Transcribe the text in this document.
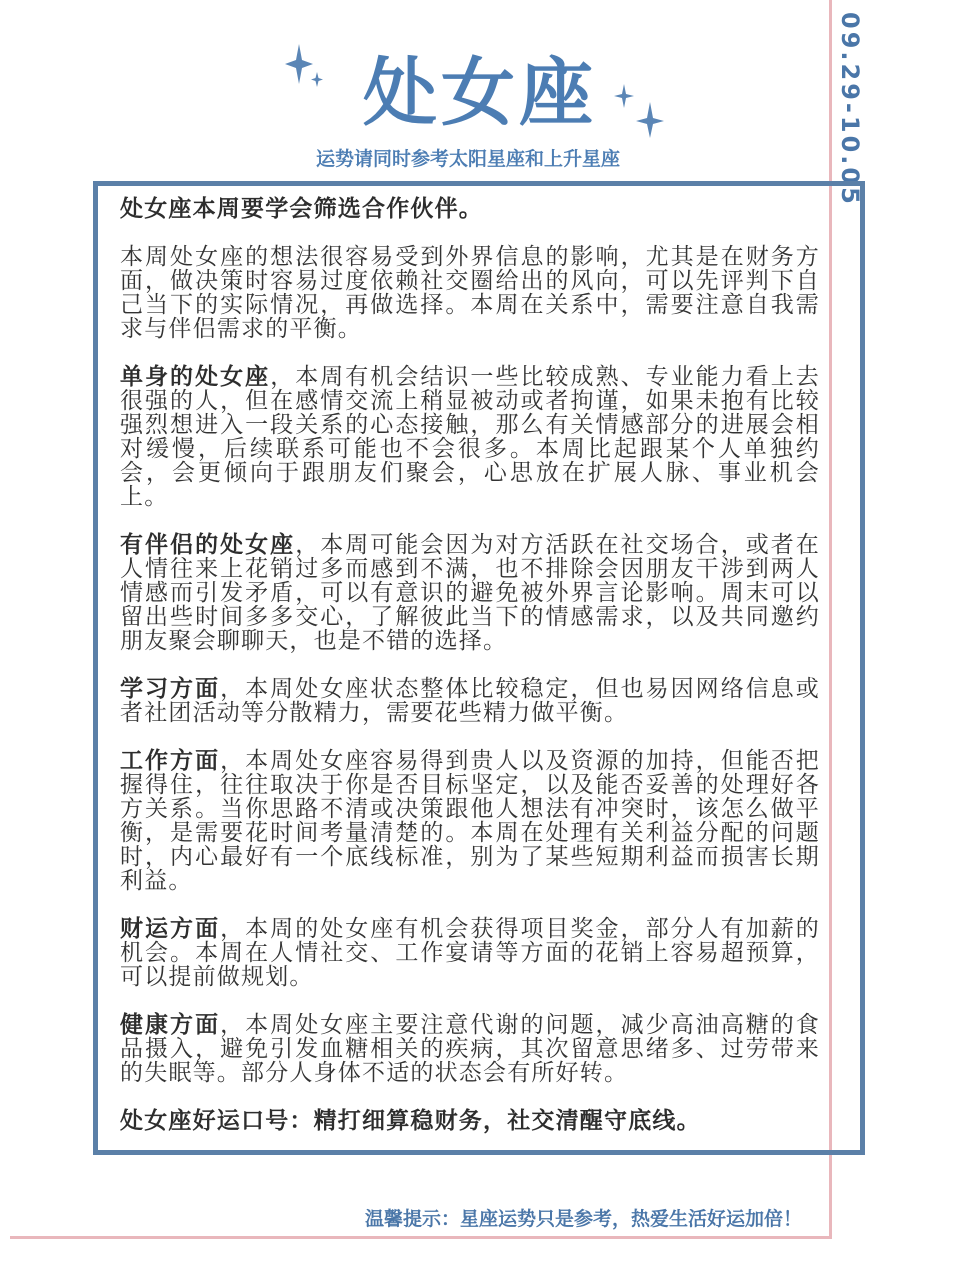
09.29-10.05
处女座
运势请同时参考太阳星座和上升星座

处女座本周要学会筛选合作伙伴。

本周处女座的想法很容易受到外界信息的影响，尤其是在财务方面，做决策时容易过度依赖社交圈给出的风向，可以先评判下自己当下的实际情况，再做选择。本周在关系中，需要注意自我需求与伴侣需求的平衡。

单身的处女座，本周有机会结识一些比较成熟、专业能力看上去很强的人，但在感情交流上稍显被动或者拘谨，如果未抱有比较强烈想进入一段关系的心态接触，那么有关情感部分的进展会相对缓慢，后续联系可能也不会很多。本周比起跟某个人单独约会，会更倾向于跟朋友们聚会，心思放在扩展人脉、事业机会上。

有伴侣的处女座，本周可能会因为对方活跃在社交场合，或者在人情往来上花销过多而感到不满，也不排除会因朋友干涉到两人情感而引发矛盾，可以有意识的避免被外界言论影响。周末可以留出些时间多多交心，了解彼此当下的情感需求，以及共同邀约朋友聚会聊聊天，也是不错的选择。

学习方面，本周处女座状态整体比较稳定，但也易因网络信息或者社团活动等分散精力，需要花些精力做平衡。

工作方面，本周处女座容易得到贵人以及资源的加持，但能否把握得住，往往取决于你是否目标坚定，以及能否妥善的处理好各方关系。当你思路不清或决策跟他人想法有冲突时，该怎么做平衡，是需要花时间考量清楚的。本周在处理有关利益分配的问题时，内心最好有一个底线标准，别为了某些短期利益而损害长期利益。

财运方面，本周的处女座有机会获得项目奖金，部分人有加薪的机会。本周在人情社交、工作宴请等方面的花销上容易超预算，可以提前做规划。

健康方面，本周处女座主要注意代谢的问题，减少高油高糖的食品摄入，避免引发血糖相关的疾病，其次留意思绪多、过劳带来的失眠等。部分人身体不适的状态会有所好转。

处女座好运口号：精打细算稳财务，社交清醒守底线。

温馨提示：星座运势只是参考，热爱生活好运加倍！
